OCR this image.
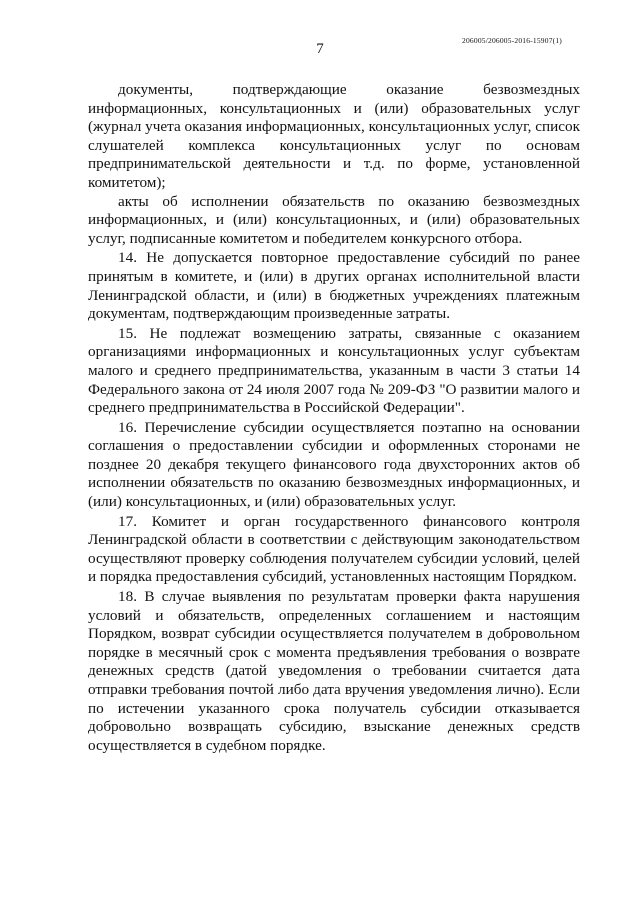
206005/206005-2016-15907(1)
7

документы, подтверждающие оказание безвозмездных информационных, консультационных и (или) образовательных услуг (журнал учета оказания информационных, консультационных услуг, список слушателей комплекса консультационных услуг по основам предпринимательской деятельности и т.д. по форме, установленной комитетом);

акты об исполнении обязательств по оказанию безвозмездных информационных, и (или) консультационных, и (или) образовательных услуг, подписанные комитетом и победителем конкурсного отбора.

14. Не допускается повторное предоставление субсидий по ранее принятым в комитете, и (или) в других органах исполнительной власти Ленинградской области, и (или) в бюджетных учреждениях платежным документам, подтверждающим произведенные затраты.

15. Не подлежат возмещению затраты, связанные с оказанием организациями информационных и консультационных услуг субъектам малого и среднего предпринимательства, указанным в части 3 статьи 14 Федерального закона от 24 июля 2007 года № 209-ФЗ "О развитии малого и среднего предпринимательства в Российской Федерации".

16. Перечисление субсидии осуществляется поэтапно на основании соглашения о предоставлении субсидии и оформленных сторонами не позднее 20 декабря текущего финансового года двухсторонних актов об исполнении обязательств по оказанию безвозмездных информационных, и (или) консультационных, и (или) образовательных услуг.

17. Комитет и орган государственного финансового контроля Ленинградской области в соответствии с действующим законодательством осуществляют проверку соблюдения получателем субсидии условий, целей и порядка предоставления субсидий, установленных настоящим Порядком.

18. В случае выявления по результатам проверки факта нарушения условий и обязательств, определенных соглашением и настоящим Порядком, возврат субсидии осуществляется получателем в добровольном порядке в месячный срок с момента предъявления требования о возврате денежных средств (датой уведомления о требовании считается дата отправки требования почтой либо дата вручения уведомления лично). Если по истечении указанного срока получатель субсидии отказывается добровольно возвращать субсидию, взыскание денежных средств осуществляется в судебном порядке.
